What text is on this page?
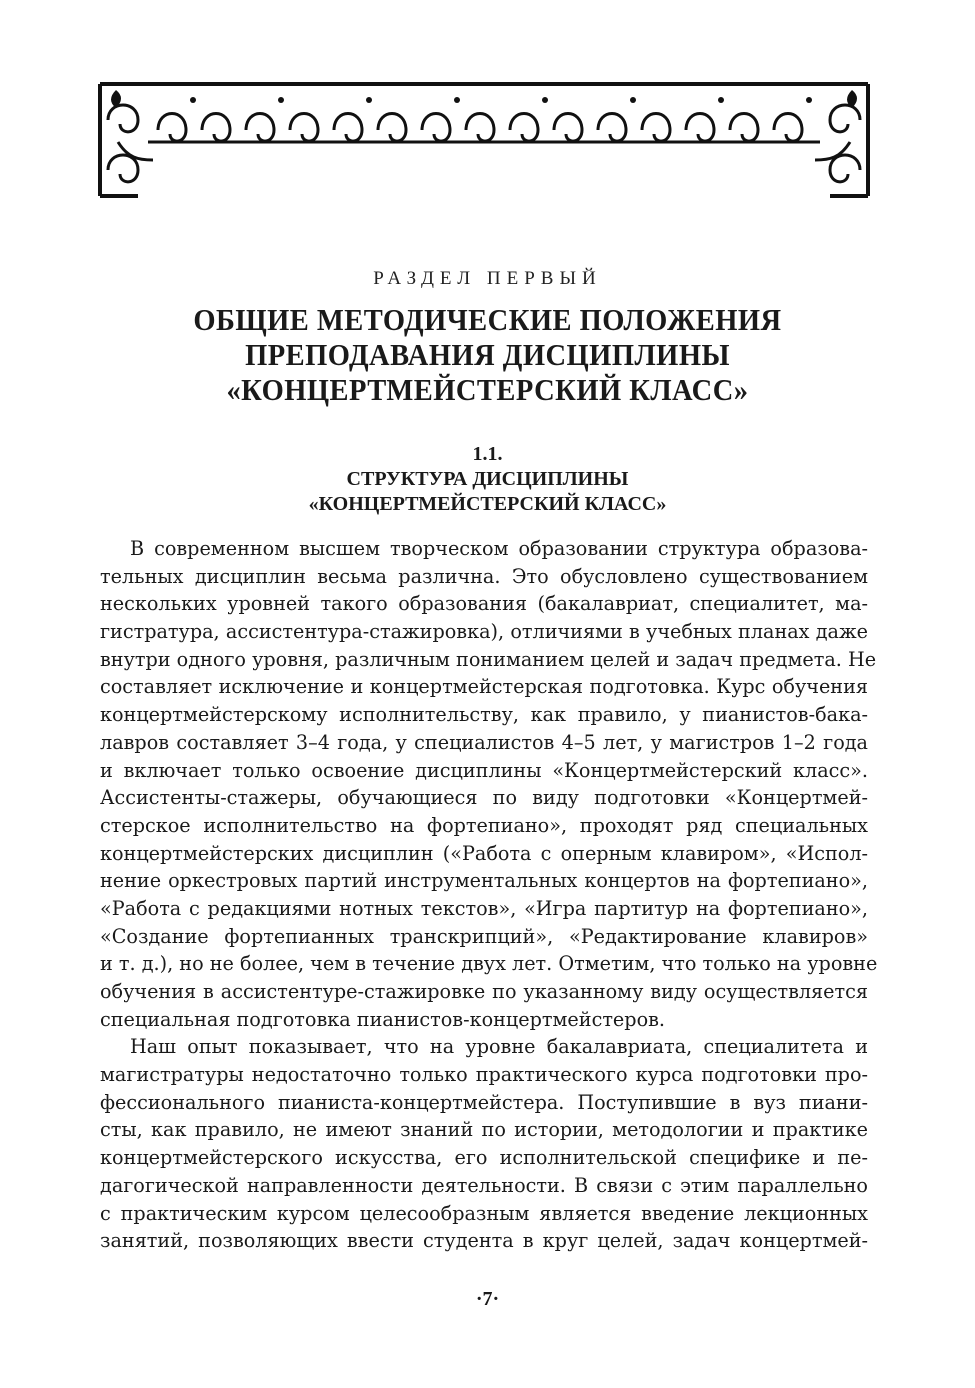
РАЗДЕЛ ПЕРВЫЙ
ОБЩИЕ МЕТОДИЧЕСКИЕ ПОЛОЖЕНИЯ
ПРЕПОДАВАНИЯ ДИСЦИПЛИНЫ
«КОНЦЕРТМЕЙСТЕРСКИЙ КЛАСС»
1.1.
СТРУКТУРА ДИСЦИПЛИНЫ
«КОНЦЕРТМЕЙСТЕРСКИЙ КЛАСС»
В современном высшем творческом образовании структура образова-
тельных дисциплин весьма различна. Это обусловлено существованием
нескольких уровней такого образования (бакалавриат, специалитет, ма-
гистратура, ассистентура-стажировка), отличиями в учебных планах даже
внутри одного уровня, различным пониманием целей и задач предмета. Не
составляет исключение и концертмейстерская подготовка. Курс обучения
концертмейстерскому исполнительству, как правило, у пианистов-бака-
лавров составляет 3–4 года, у специалистов 4–5 лет, у магистров 1–2 года
и включает только освоение дисциплины «Концертмейстерский класс».
Ассистенты-стажеры, обучающиеся по виду подготовки «Концертмей-
стерское исполнительство на фортепиано», проходят ряд специальных
концертмейстерских дисциплин («Работа с оперным клавиром», «Испол-
нение оркестровых партий инструментальных концертов на фортепиано»,
«Работа с редакциями нотных текстов», «Игра партитур на фортепиано»,
«Создание фортепианных транскрипций», «Редактирование клавиров»
и т. д.), но не более, чем в течение двух лет. Отметим, что только на уровне
обучения в ассистентуре-стажировке по указанному виду осуществляется
специальная подготовка пианистов-концертмейстеров.
Наш опыт показывает, что на уровне бакалавриата, специалитета и
магистратуры недостаточно только практического курса подготовки про-
фессионального пианиста-концертмейстера. Поступившие в вуз пиани-
сты, как правило, не имеют знаний по истории, методологии и практике
концертмейстерского искусства, его исполнительской специфике и пе-
дагогической направленности деятельности. В связи с этим параллельно
с практическим курсом целесообразным является введение лекционных
занятий, позволяющих ввести студента в круг целей, задач концертмей-
·7·
